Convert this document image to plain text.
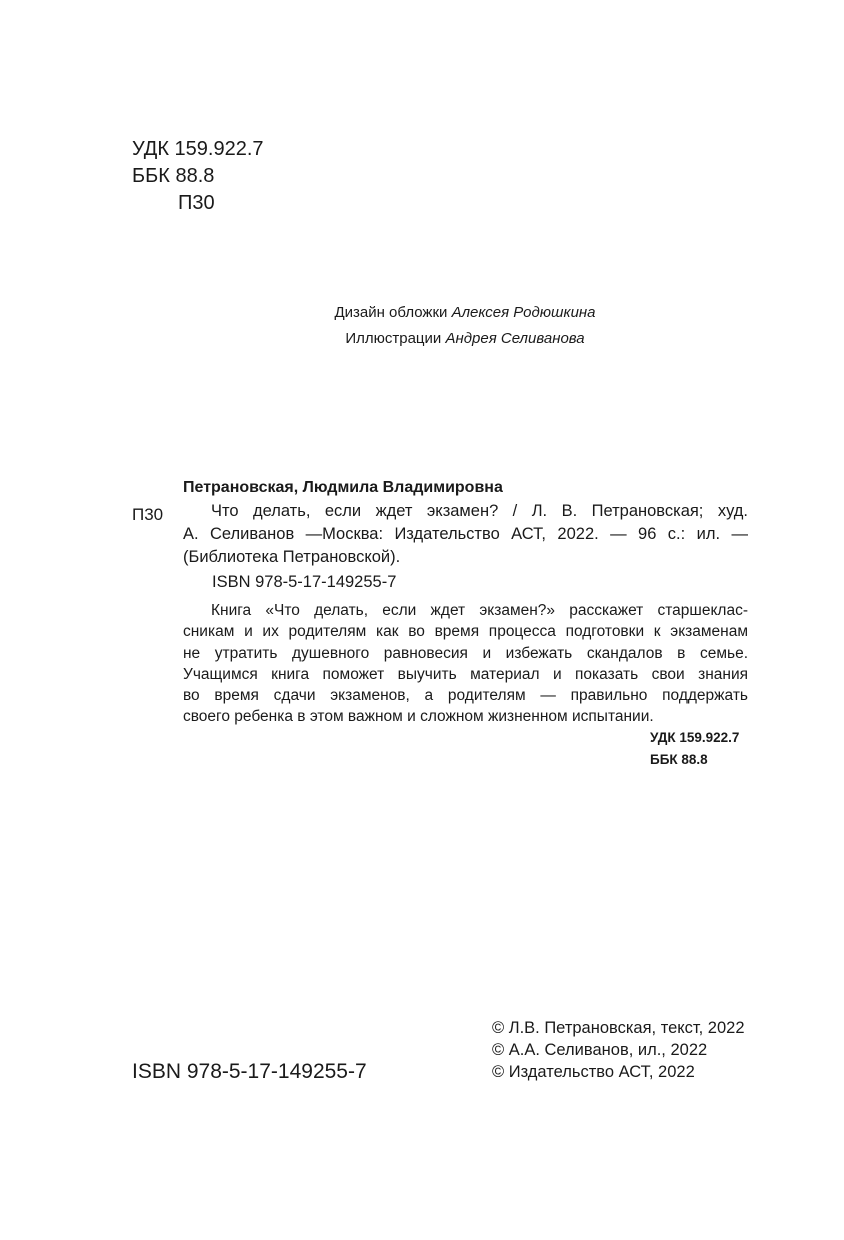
УДК 159.922.7
ББК 88.8
П30
Дизайн обложки Алексея Родюшкина
Иллюстрации Андрея Селиванова
Петрановская, Людмила Владимировна
П30	Что делать, если ждет экзамен? / Л. В. Петрановская; худ.
А. Селиванов —Москва: Издательство АСТ, 2022. — 96 с.: ил. —
(Библиотека Петрановской).
ISBN 978-5-17-149255-7
Книга «Что делать, если ждет экзамен?» расскажет старшеклас-
сникам и их родителям как во время процесса подготовки к экзаменам
не утратить душевного равновесия и избежать скандалов в семье.
Учащимся книга поможет выучить материал и показать свои знания
во время сдачи экзаменов, а родителям — правильно поддержать
своего ребенка в этом важном и сложном жизненном испытании.
УДК 159.922.7
ББК 88.8
ISBN 978-5-17-149255-7
© Л.В. Петрановская, текст, 2022
© А.А. Селиванов, ил., 2022
© Издательство АСТ, 2022
